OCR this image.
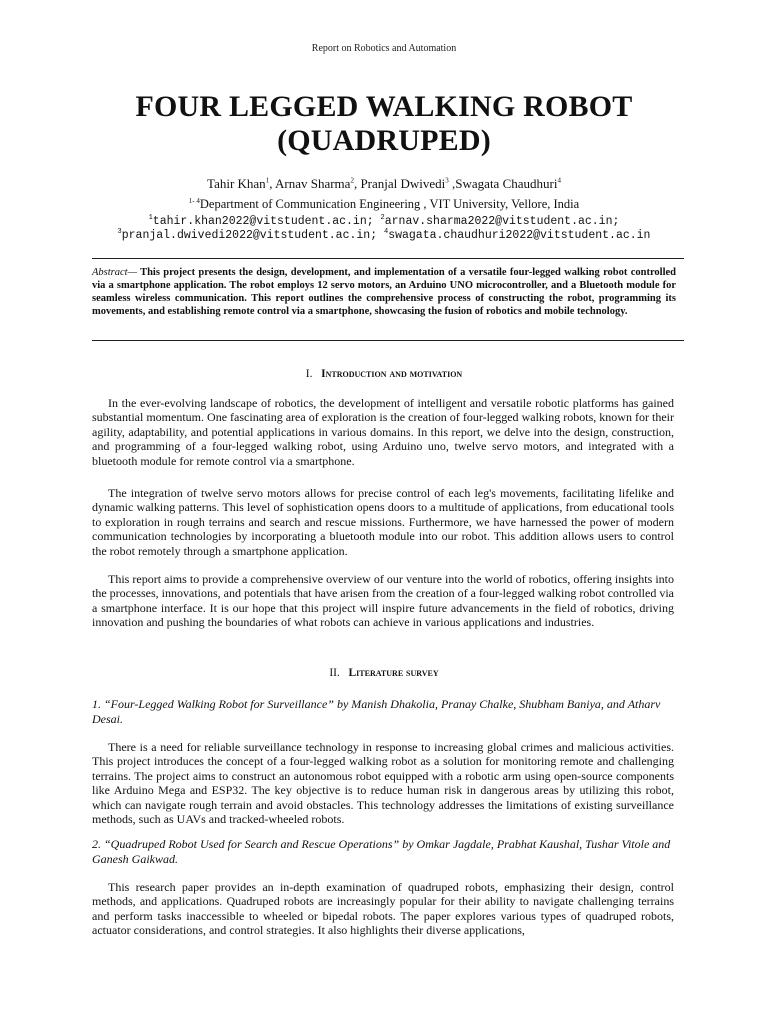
Report on Robotics and Automation
FOUR LEGGED WALKING ROBOT
(QUADRUPED)
Tahir Khan$^1$, Arnav Sharma$^2$, Pranjal Dwivedi$^3$ ,Swagata Chaudhuri$^4$
$^{1- 4}$Department of Communication Engineering , VIT University, Vellore, India
$^1$tahir.khan2022@vitstudent.ac.in; $^2$arnav.sharma2022@vitstudent.ac.in;
$^3$pranjal.dwivedi2022@vitstudent.ac.in; $^4$swagata.chaudhuri2022@vitstudent.ac.in
Abstract— This project presents the design, development, and implementation of a versatile four-legged walking robot controlled via a smartphone application. The robot employs 12 servo motors, an Arduino UNO microcontroller, and a Bluetooth module for seamless wireless communication. This report outlines the comprehensive process of constructing the robot, programming its movements, and establishing remote control via a smartphone, showcasing the fusion of robotics and mobile technology.
I. Introduction and motivation
In the ever-evolving landscape of robotics, the development of intelligent and versatile robotic platforms has gained substantial momentum. One fascinating area of exploration is the creation of four-legged walking robots, known for their agility, adaptability, and potential applications in various domains. In this report, we delve into the design, construction, and programming of a four-legged walking robot, using Arduino uno, twelve servo motors, and integrated with a bluetooth module for remote control via a smartphone.
The integration of twelve servo motors allows for precise control of each leg's movements, facilitating lifelike and dynamic walking patterns. This level of sophistication opens doors to a multitude of applications, from educational tools to exploration in rough terrains and search and rescue missions. Furthermore, we have harnessed the power of modern communication technologies by incorporating a bluetooth module into our robot. This addition allows users to control the robot remotely through a smartphone application.
This report aims to provide a comprehensive overview of our venture into the world of robotics, offering insights into the processes, innovations, and potentials that have arisen from the creation of a four-legged walking robot controlled via a smartphone interface. It is our hope that this project will inspire future advancements in the field of robotics, driving innovation and pushing the boundaries of what robots can achieve in various applications and industries.
II. Literature survey
1. “Four-Legged Walking Robot for Surveillance” by Manish Dhakolia, Pranay Chalke, Shubham Baniya, and Atharv Desai.
There is a need for reliable surveillance technology in response to increasing global crimes and malicious activities. This project introduces the concept of a four-legged walking robot as a solution for monitoring remote and challenging terrains. The project aims to construct an autonomous robot equipped with a robotic arm using open-source components like Arduino Mega and ESP32. The key objective is to reduce human risk in dangerous areas by utilizing this robot, which can navigate rough terrain and avoid obstacles. This technology addresses the limitations of existing surveillance methods, such as UAVs and tracked-wheeled robots.
2. “Quadruped Robot Used for Search and Rescue Operations” by Omkar Jagdale, Prabhat Kaushal, Tushar Vitole and Ganesh Gaikwad.
This research paper provides an in-depth examination of quadruped robots, emphasizing their design, control methods, and applications. Quadruped robots are increasingly popular for their ability to navigate challenging terrains and perform tasks inaccessible to wheeled or bipedal robots. The paper explores various types of quadruped robots, actuator considerations, and control strategies. It also highlights their diverse applications,
